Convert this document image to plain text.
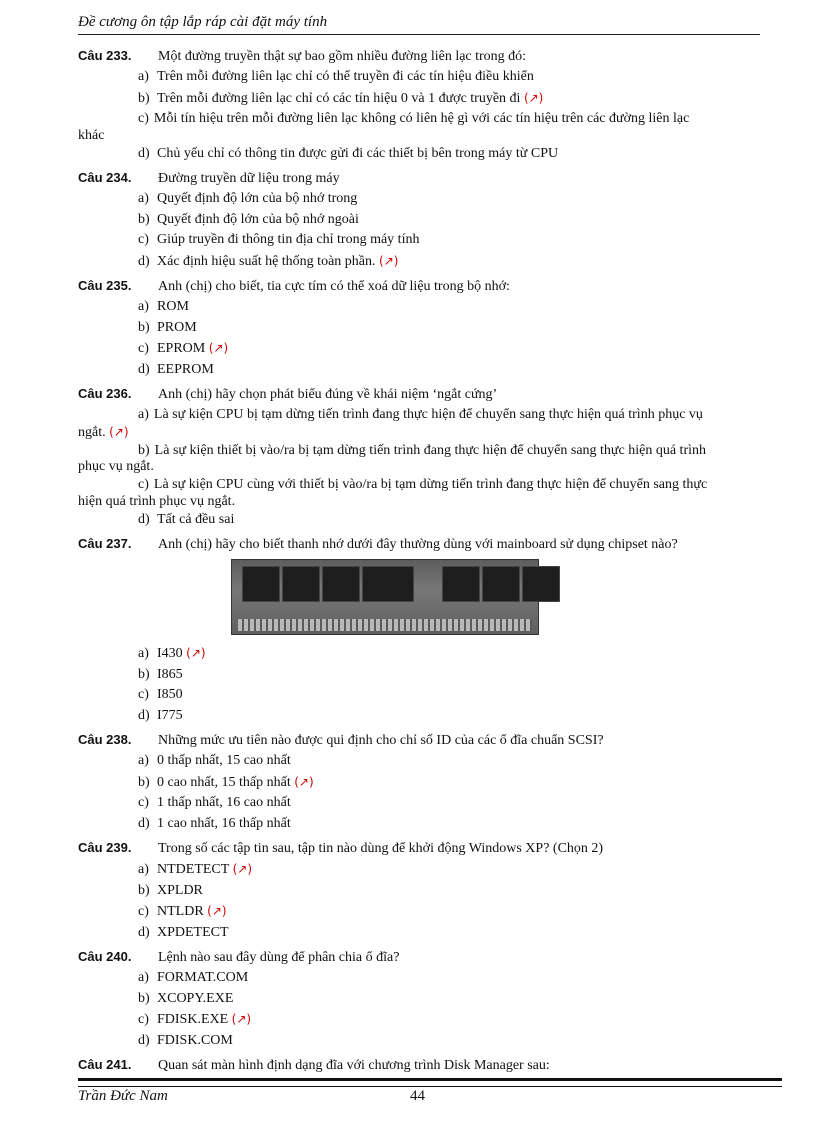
Đề cương ôn tập lắp ráp cài đặt máy tính
Câu 233.	Một đường truyền thật sự bao gồm nhiều đường liên lạc trong đó:
a) Trên mỗi đường liên lạc chỉ có thể truyền đi các tín hiệu điều khiển
b) Trên mỗi đường liên lạc chỉ có các tín hiệu 0 và 1 được truyền đi (↗)
c) Mỗi tín hiệu trên mỗi đường liên lạc không có liên hệ gì với các tín hiệu trên các đường liên lạc
khác
d) Chủ yếu chỉ có thông tin được gửi đi các thiết bị bên trong máy từ CPU
Câu 234.	Đường truyền dữ liệu trong máy
a) Quyết định độ lớn của bộ nhớ trong
b) Quyết định độ lớn của bộ nhớ ngoài
c) Giúp truyền đi thông tin địa chỉ trong máy tính
d) Xác định hiệu suất hệ thống toàn phần. (↗)
Câu 235.	Anh (chị) cho biết, tia cực tím có thể xoá dữ liệu trong bộ nhớ:
a) ROM
b) PROM
c) EPROM (↗)
d) EEPROM
Câu 236.	Anh (chị) hãy chọn phát biểu đúng về khái niệm ‘ngắt cứng’
a) Là sự kiện CPU bị tạm dừng tiến trình đang thực hiện để chuyển sang thực hiện quá trình phục vụ
ngắt. (↗)
b) Là sự kiện thiết bị vào/ra bị tạm dừng tiến trình đang thực hiện để chuyển sang thực hiện quá trình
phục vụ ngắt.
c) Là sự kiện CPU cùng với thiết bị vào/ra bị tạm dừng tiến trình đang thực hiện để chuyển sang thực
hiện quá trình phục vụ ngắt.
d) Tất cả đều sai
Câu 237.	Anh (chị) hãy cho biết thanh nhớ dưới đây thường dùng với mainboard sử dụng chipset nào?
a) I430 (↗)
b) I865
c) I850
d) I775
Câu 238.	Những mức ưu tiên nào được qui định cho chỉ số ID của các ổ đĩa chuẩn SCSI?
a) 0 thấp nhất, 15 cao nhất
b) 0 cao nhất, 15 thấp nhất (↗)
c) 1 thấp nhất, 16 cao nhất
d) 1 cao nhất, 16 thấp nhất
Câu 239.	Trong số các tập tin sau, tập tin nào dùng để khởi động Windows XP? (Chọn 2)
a) NTDETECT (↗)
b) XPLDR
c) NTLDR (↗)
d) XPDETECT
Câu 240.	Lệnh nào sau đây dùng để phân chia ổ đĩa?
a) FORMAT.COM
b) XCOPY.EXE
c) FDISK.EXE (↗)
d) FDISK.COM
Câu 241.	Quan sát màn hình định dạng đĩa với chương trình Disk Manager sau:
Trần Đức Nam	44
